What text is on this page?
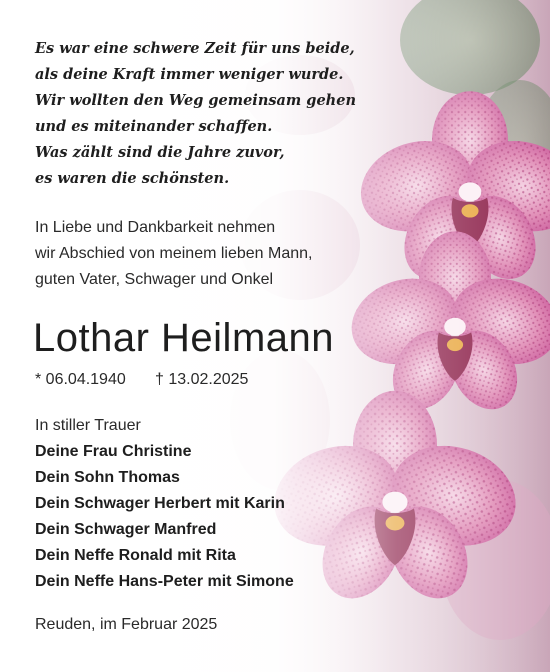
Es war eine schwere Zeit für uns beide,
als deine Kraft immer weniger wurde.
Wir wollten den Weg gemeinsam gehen
und es miteinander schaffen.
Was zählt sind die Jahre zuvor,
es waren die schönsten.
In Liebe und Dankbarkeit nehmen
wir Abschied von meinem lieben Mann,
guten Vater, Schwager und Onkel
Lothar Heilmann
* 06.04.1940 † 13.02.2025
In stiller Trauer
Deine Frau Christine
Dein Sohn Thomas
Dein Schwager Herbert mit Karin
Dein Schwager Manfred
Dein Neffe Ronald mit Rita
Dein Neffe Hans-Peter mit Simone
Reuden, im Februar 2025
